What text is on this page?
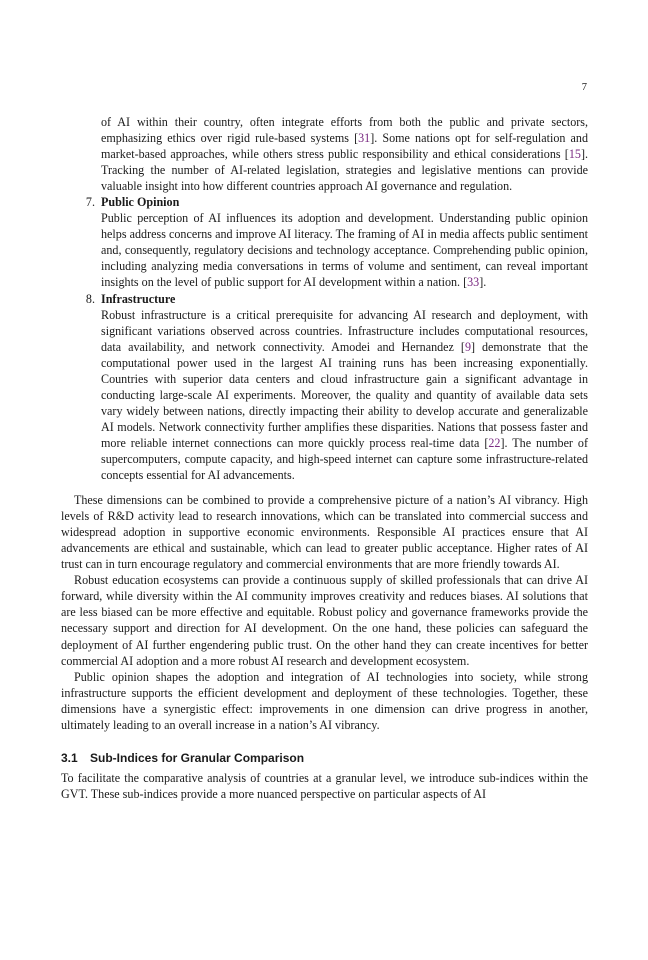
7

of AI within their country, often integrate efforts from both the public and private sectors, emphasizing ethics over rigid rule-based systems [31]. Some nations opt for self-regulation and market-based approaches, while others stress public responsibility and ethical considerations [15]. Tracking the number of AI-related legislation, strategies and legislative mentions can provide valuable insight into how different countries approach AI governance and regulation.

7. Public Opinion
Public perception of AI influences its adoption and development. Understanding public opinion helps address concerns and improve AI literacy. The framing of AI in media affects public sentiment and, consequently, regulatory decisions and technology acceptance. Comprehending public opinion, including analyzing media conversations in terms of volume and sentiment, can reveal important insights on the level of public support for AI development within a nation. [33].
8. Infrastructure
Robust infrastructure is a critical prerequisite for advancing AI research and deployment, with significant variations observed across countries. Infrastructure includes computational resources, data availability, and network connectivity. Amodei and Hernandez [9] demonstrate that the computational power used in the largest AI training runs has been increasing exponentially. Countries with superior data centers and cloud infrastructure gain a significant advantage in conducting large-scale AI experiments. Moreover, the quality and quantity of available data sets vary widely between nations, directly impacting their ability to develop accurate and generalizable AI models. Network connectivity further amplifies these disparities. Nations that possess faster and more reliable internet connections can more quickly process real-time data [22]. The number of supercomputers, compute capacity, and high-speed internet can capture some infrastructure-related concepts essential for AI advancements.

These dimensions can be combined to provide a comprehensive picture of a nation’s AI vibrancy. High levels of R&D activity lead to research innovations, which can be translated into commercial success and widespread adoption in supportive economic environments. Responsible AI practices ensure that AI advancements are ethical and sustainable, which can lead to greater public acceptance. Higher rates of AI trust can in turn encourage regulatory and commercial environments that are more friendly towards AI.

Robust education ecosystems can provide a continuous supply of skilled professionals that can drive AI forward, while diversity within the AI community improves creativity and reduces biases. AI solutions that are less biased can be more effective and equitable. Robust policy and governance frameworks provide the necessary support and direction for AI development. On the one hand, these policies can safeguard the deployment of AI further engendering public trust. On the other hand they can create incentives for better commercial AI adoption and a more robust AI research and development ecosystem.

Public opinion shapes the adoption and integration of AI technologies into society, while strong infrastructure supports the efficient development and deployment of these technologies. Together, these dimensions have a synergistic effect: improvements in one dimension can drive progress in another, ultimately leading to an overall increase in a nation’s AI vibrancy.

3.1 Sub-Indices for Granular Comparison

To facilitate the comparative analysis of countries at a granular level, we introduce sub-indices within the GVT. These sub-indices provide a more nuanced perspective on particular aspects of AI
